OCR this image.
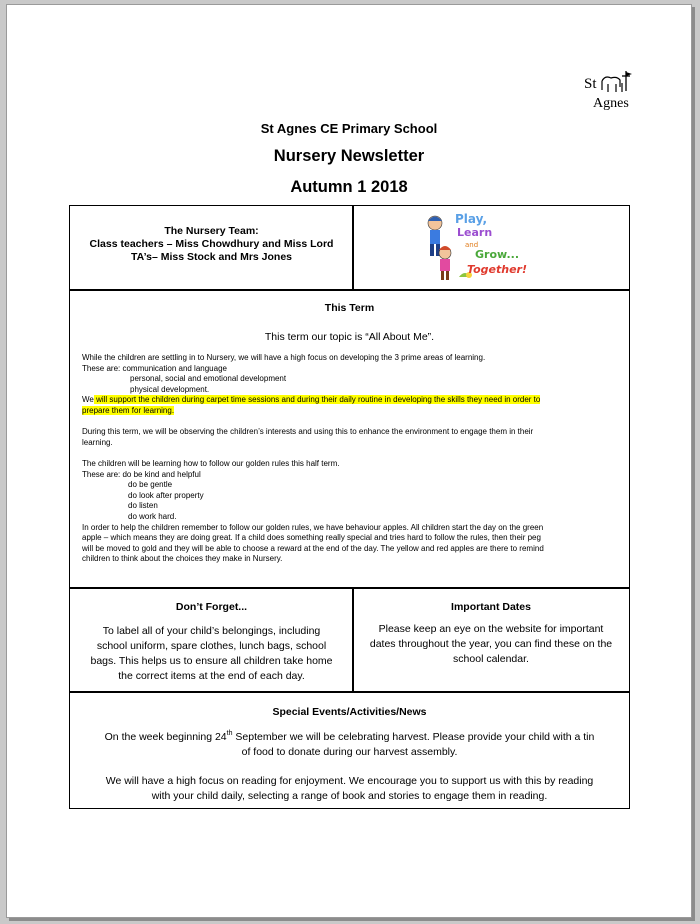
St
Agnes
St Agnes CE Primary School
Nursery Newsletter
Autumn 1 2018
The Nursery Team:
Class teachers – Miss Chowdhury and Miss Lord
TA’s– Miss Stock and Mrs Jones
Play,
Learn
and
Grow...
Together!
This Term
This term our topic is “All About Me”.

While the children are settling in to Nursery, we will have a high focus on developing the 3 prime areas of learning.

These are: communication and language

personal, social and emotional development

physical development.

We will support the children during carpet time sessions and during their daily routine in developing the skills they need in order to

prepare them for learning.

During this term, we will be observing the children’s interests and using this to enhance the environment to engage them in their

learning.

The children will be learning how to follow our golden rules this half term.

These are: do be kind and helpful

do be gentle

do look after property

do listen

do work hard.

In order to help the children remember to follow our golden rules, we have behaviour apples. All children start the day on the green

apple – which means they are doing great. If a child does something really special and tries hard to follow the rules, then their peg

will be moved to gold and they will be able to choose a reward at the end of the day. The yellow and red apples are there to remind

children to think about the choices they make in Nursery.

Don’t Forget...
To label all of your child’s belongings, including
school uniform, spare clothes, lunch bags, school
bags. This helps us to ensure all children take home
the correct items at the end of each day.
Important Dates
Please keep an eye on the website for important
dates throughout the year, you can find these on the
school calendar.
Special Events/Activities/News
On the week beginning 24th September we will be celebrating harvest. Please provide your child with a tin
of food to donate during our harvest assembly.
We will have a high focus on reading for enjoyment. We encourage you to support us with this by reading
with your child daily, selecting a range of book and stories to engage them in reading.
